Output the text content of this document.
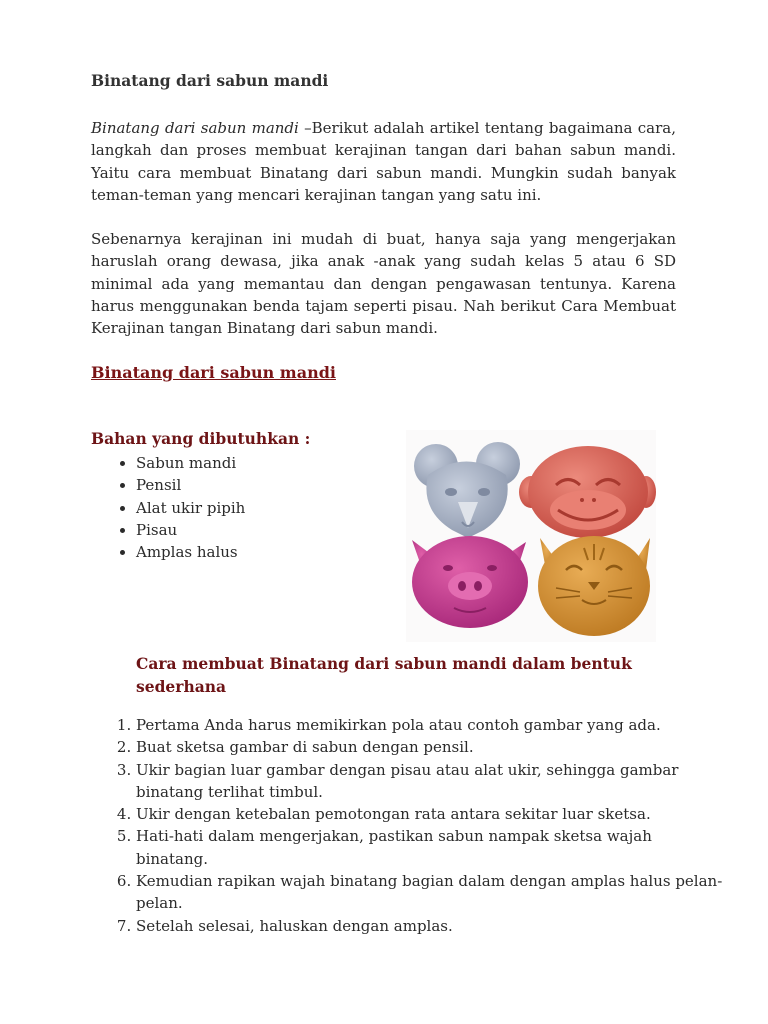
Binatang dari sabun mandi

Binatang dari sabun mandi –Berikut adalah artikel tentang bagaimana cara, langkah dan proses membuat kerajinan tangan dari bahan sabun mandi. Yaitu cara membuat Binatang dari sabun mandi. Mungkin sudah banyak teman-teman yang mencari kerajinan tangan yang satu ini.

Sebenarnya kerajinan ini mudah di buat, hanya saja yang mengerjakan haruslah orang dewasa, jika anak -anak yang sudah kelas 5 atau 6 SD minimal ada yang memantau dan dengan pengawasan tentunya. Karena harus menggunakan benda tajam seperti pisau. Nah berikut Cara Membuat Kerajinan tangan Binatang dari sabun mandi.

Binatang dari sabun mandi
Bahan yang dibutuhkan :
• Sabun mandi
• Pensil
• Alat ukir pipih
• Pisau
• Amplas halus
Cara membuat Binatang dari sabun mandi dalam bentuk sederhana
1. Pertama Anda harus memikirkan pola atau contoh gambar yang ada.
2. Buat sketsa gambar di sabun dengan pensil.
3. Ukir bagian luar gambar dengan pisau atau alat ukir, sehingga gambar binatang terlihat timbul.
4. Ukir dengan ketebalan pemotongan rata antara sekitar luar sketsa.
5. Hati-hati dalam mengerjakan, pastikan sabun nampak sketsa wajah binatang.
6. Kemudian rapikan wajah binatang bagian dalam dengan amplas halus pelan-pelan.
7. Setelah selesai, haluskan dengan amplas.
